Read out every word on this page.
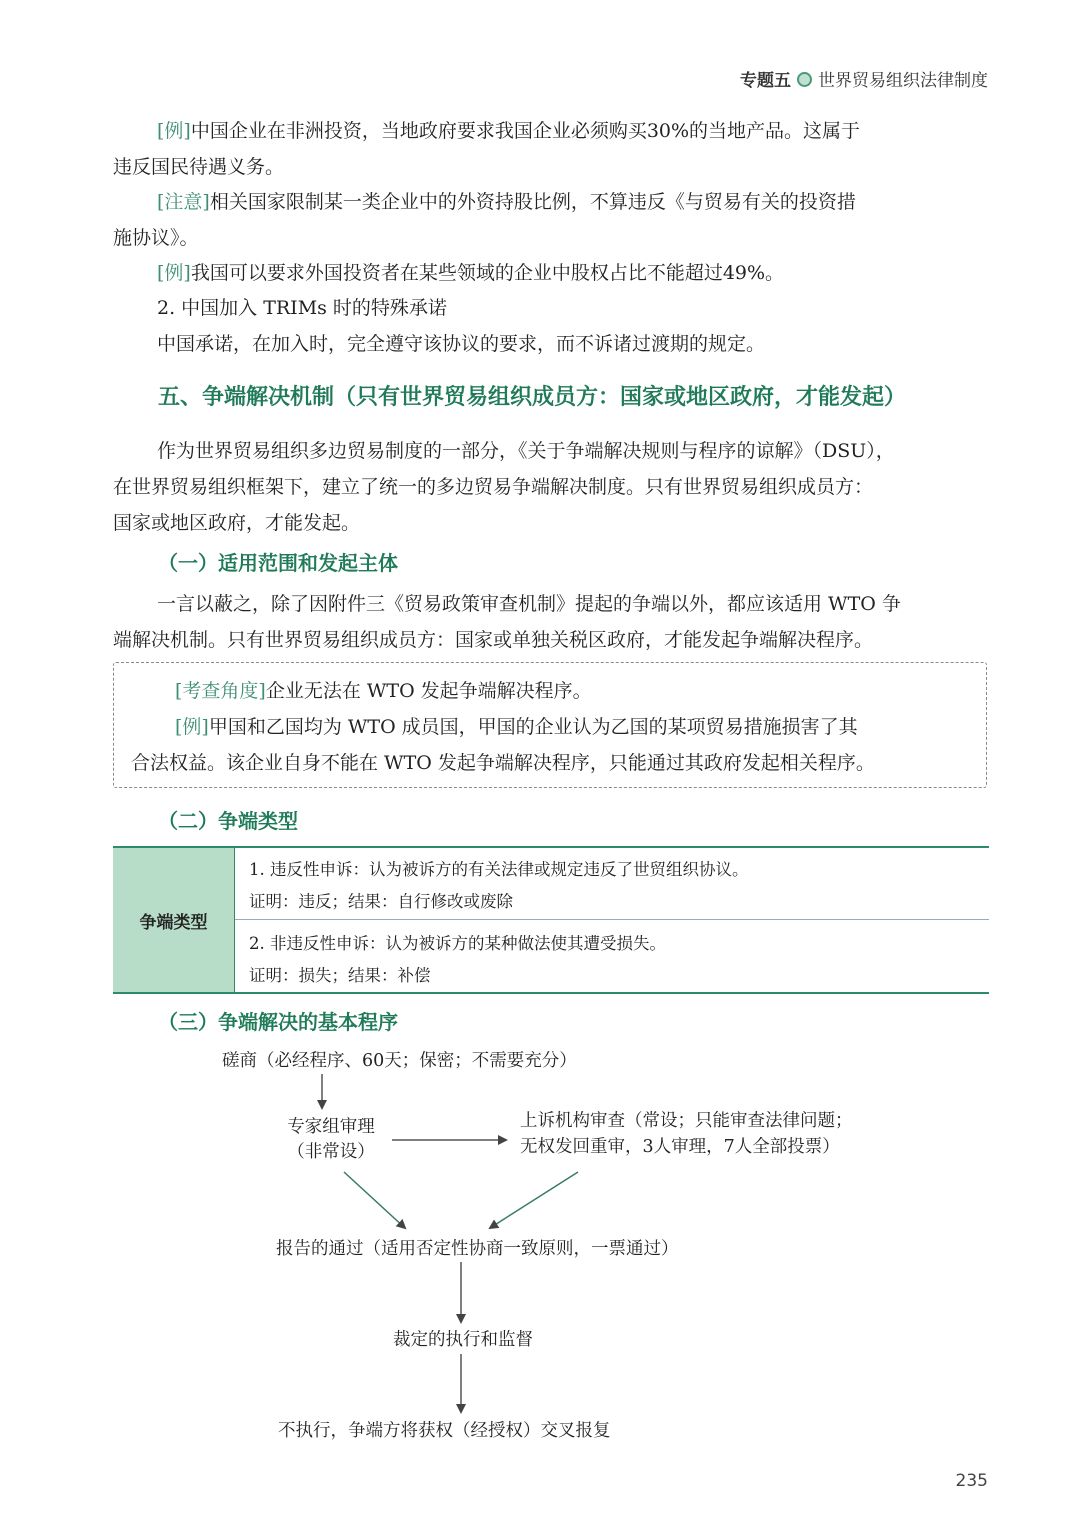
专题五 世界贸易组织法律制度
[例]中国企业在非洲投资，当地政府要求我国企业必须购买30%的当地产品。这属于
违反国民待遇义务。
[注意]相关国家限制某一类企业中的外资持股比例，不算违反《与贸易有关的投资措
施协议》。
[例]我国可以要求外国投资者在某些领域的企业中股权占比不能超过49%。
2. 中国加入 TRIMs 时的特殊承诺
中国承诺，在加入时，完全遵守该协议的要求，而不诉诸过渡期的规定。
五、争端解决机制（只有世界贸易组织成员方：国家或地区政府，才能发起）
作为世界贸易组织多边贸易制度的一部分，《关于争端解决规则与程序的谅解》（DSU），
在世界贸易组织框架下，建立了统一的多边贸易争端解决制度。只有世界贸易组织成员方：
国家或地区政府，才能发起。
（一）适用范围和发起主体
一言以蔽之，除了因附件三《贸易政策审查机制》提起的争端以外，都应该适用 WTO 争
端解决机制。只有世界贸易组织成员方：国家或单独关税区政府，才能发起争端解决程序。
[考查角度]企业无法在 WTO 发起争端解决程序。
[例]甲国和乙国均为 WTO 成员国，甲国的企业认为乙国的某项贸易措施损害了其
合法权益。该企业自身不能在 WTO 发起争端解决程序，只能通过其政府发起相关程序。
（二）争端类型
争端类型
1. 违反性申诉：认为被诉方的有关法律或规定违反了世贸组织协议。
证明：违反；结果：自行修改或废除
2. 非违反性申诉：认为被诉方的某种做法使其遭受损失。
证明：损失；结果：补偿
（三）争端解决的基本程序
磋商（必经程序、60天；保密；不需要充分）
专家组审理
（非常设）
上诉机构审查（常设；只能审查法律问题；
无权发回重审，3人审理，7人全部投票）
报告的通过（适用否定性协商一致原则，一票通过）
裁定的执行和监督
不执行，争端方将获权（经授权）交叉报复
235
